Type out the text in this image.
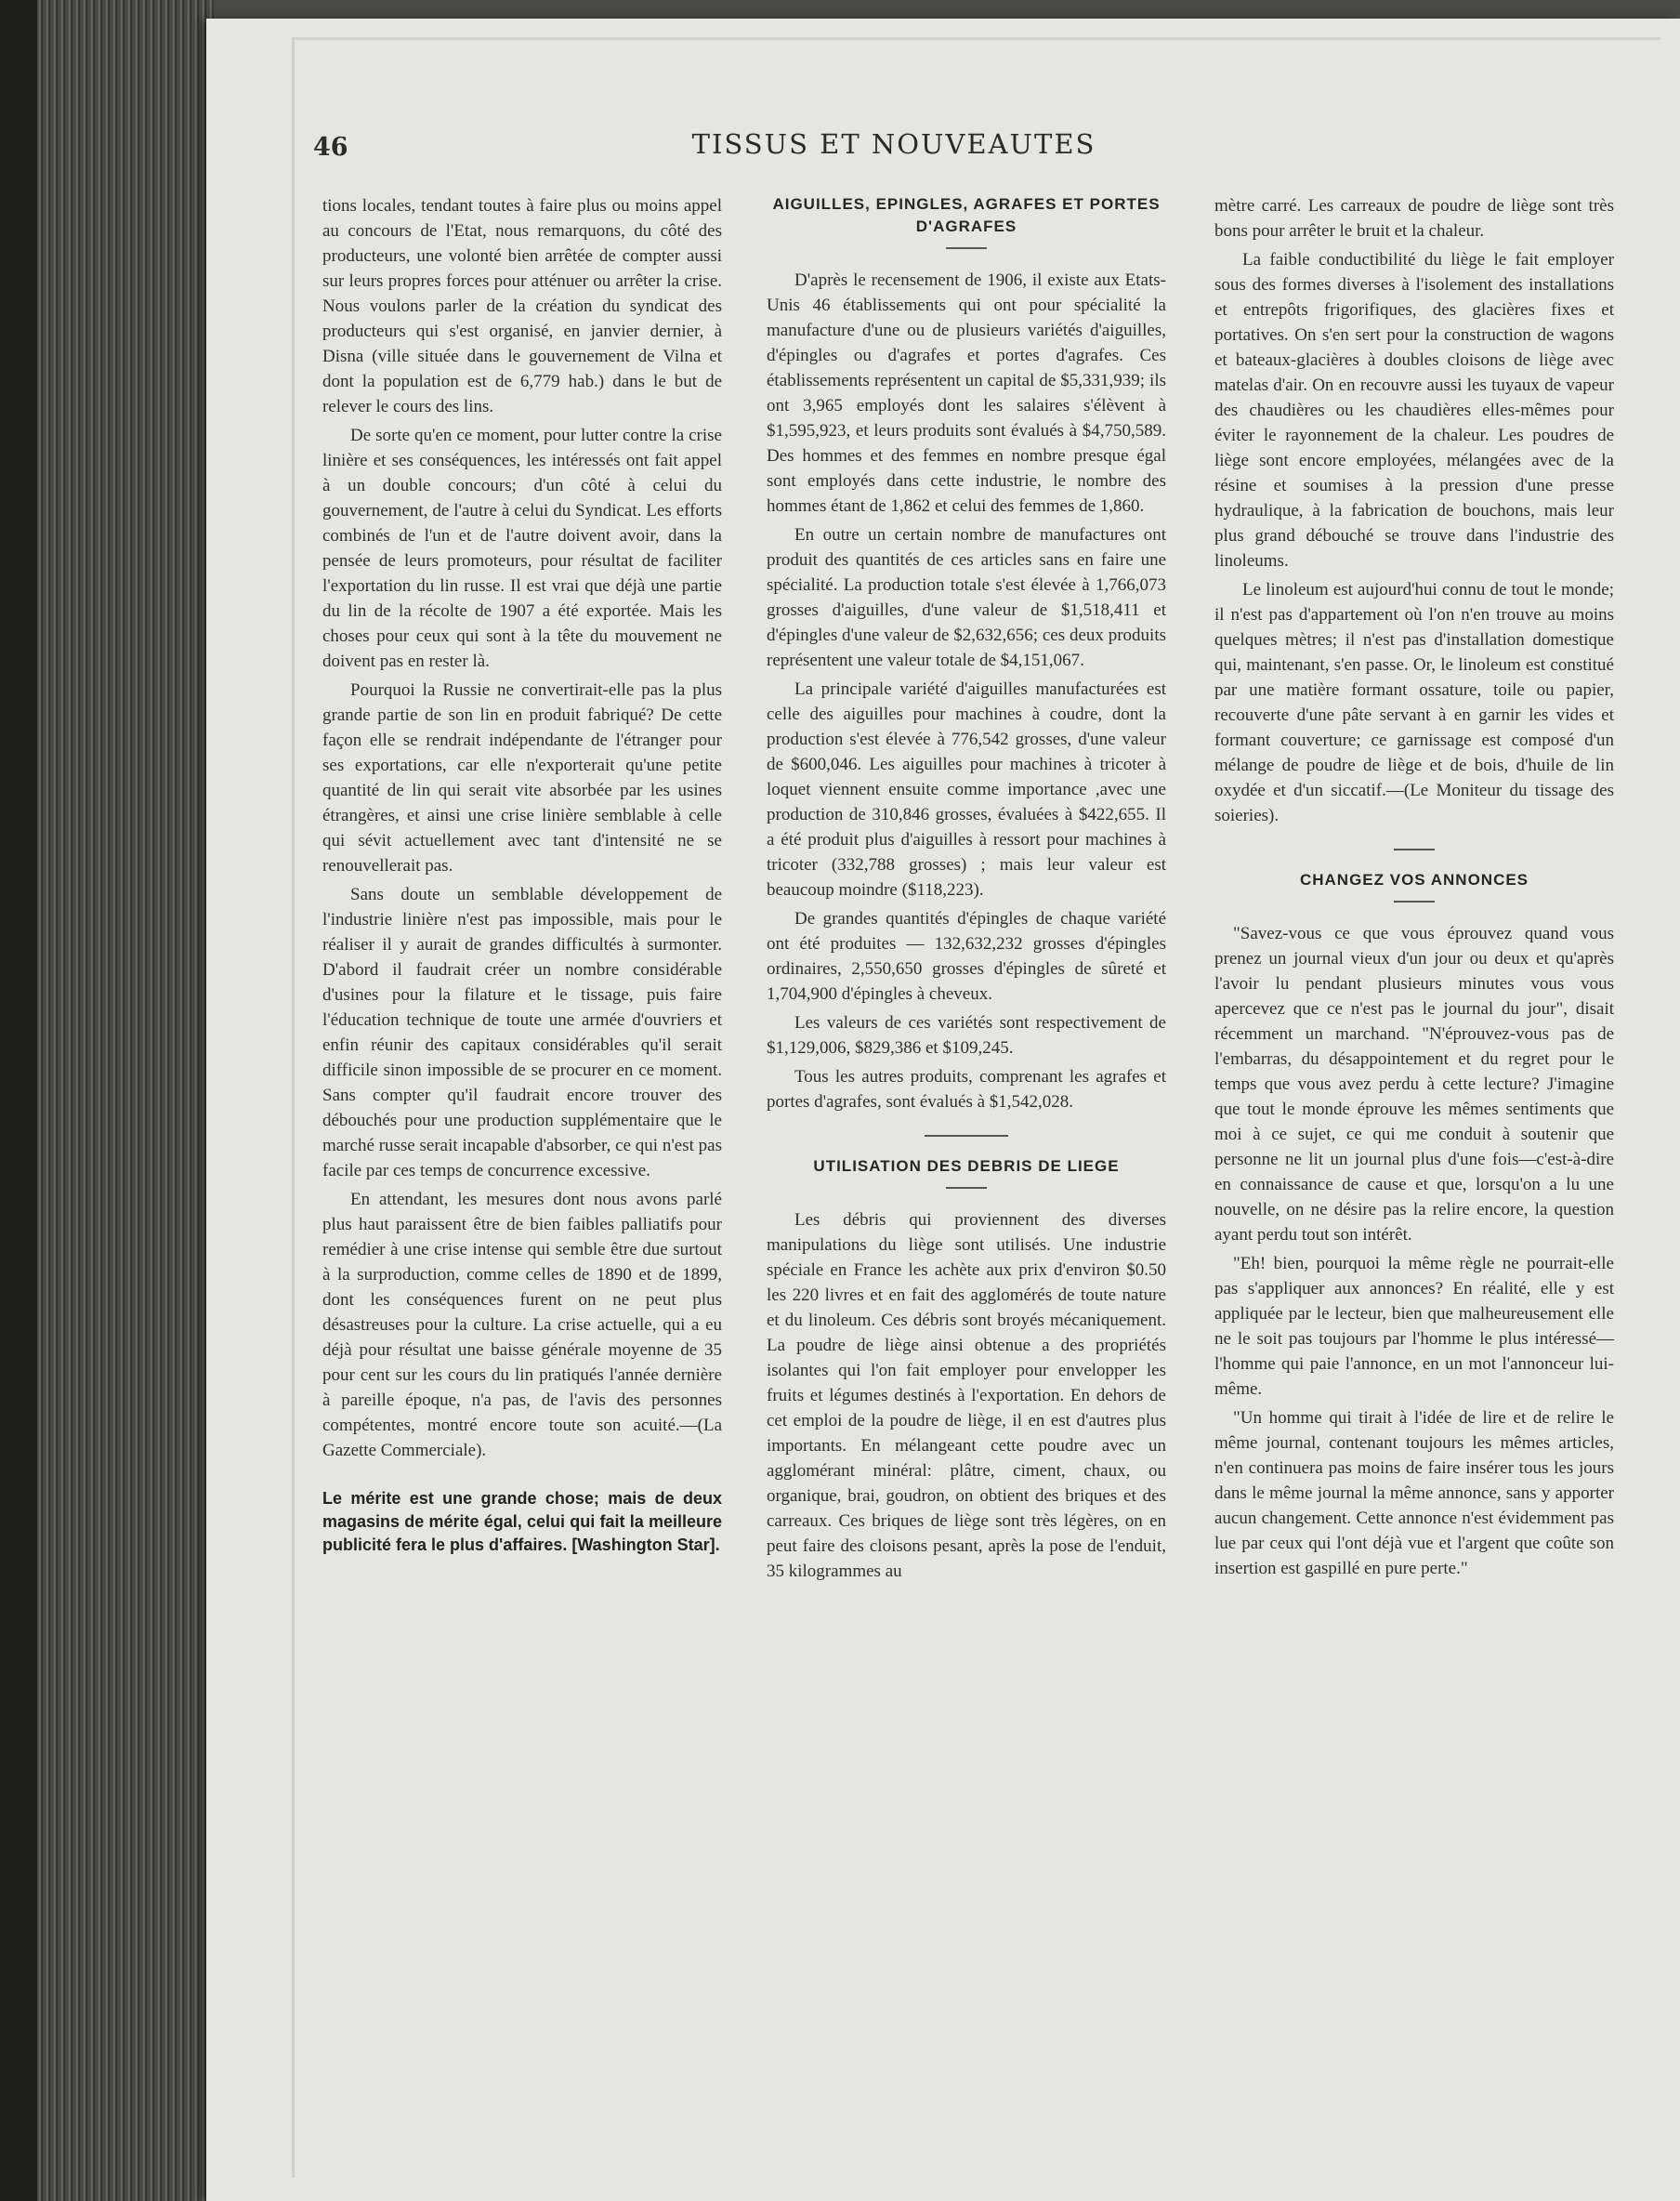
46	TISSUS ET NOUVEAUTES

tions locales, tendant toutes à faire plus ou moins appel au concours de l'Etat, nous remarquons, du côté des producteurs, une volonté bien arrêtée de compter aussi sur leurs propres forces pour atténuer ou arrêter la crise. Nous voulons parler de la création du syndicat des producteurs qui s'est organisé, en janvier dernier, à Disna (ville située dans le gouvernement de Vilna et dont la population est de 6,779 hab.) dans le but de relever le cours des lins.

De sorte qu'en ce moment, pour lutter contre la crise linière et ses conséquences, les intéressés ont fait appel à un double concours; d'un côté à celui du gouvernement, de l'autre à celui du Syndicat. Les efforts combinés de l'un et de l'autre doivent avoir, dans la pensée de leurs promoteurs, pour résultat de faciliter l'exportation du lin russe. Il est vrai que déjà une partie du lin de la récolte de 1907 a été exportée. Mais les choses pour ceux qui sont à la tête du mouvement ne doivent pas en rester là.

Pourquoi la Russie ne convertirait-elle pas la plus grande partie de son lin en produit fabriqué? De cette façon elle se rendrait indépendante de l'étranger pour ses exportations, car elle n'exporterait qu'une petite quantité de lin qui serait vite absorbée par les usines étrangères, et ainsi une crise linière semblable à celle qui sévit actuellement avec tant d'intensité ne se renouvellerait pas.

Sans doute un semblable développement de l'industrie linière n'est pas impossible, mais pour le réaliser il y aurait de grandes difficultés à surmonter. D'abord il faudrait créer un nombre considérable d'usines pour la filature et le tissage, puis faire l'éducation technique de toute une armée d'ouvriers et enfin réunir des capitaux considérables qu'il serait difficile sinon impossible de se procurer en ce moment. Sans compter qu'il faudrait encore trouver des débouchés pour une production supplémentaire que le marché russe serait incapable d'absorber, ce qui n'est pas facile par ces temps de concurrence excessive.

En attendant, les mesures dont nous avons parlé plus haut paraissent être de bien faibles palliatifs pour remédier à une crise intense qui semble être due surtout à la surproduction, comme celles de 1890 et de 1899, dont les conséquences furent on ne peut plus désastreuses pour la culture. La crise actuelle, qui a eu déjà pour résultat une baisse générale moyenne de 35 pour cent sur les cours du lin pratiqués l'année dernière à pareille époque, n'a pas, de l'avis des personnes compétentes, montré encore toute son acuité.—(La Gazette Commerciale).

Le mérite est une grande chose; mais de deux magasins de mérite égal, celui qui fait la meilleure publicité fera le plus d'affaires. [Washington Star].
AIGUILLES, EPINGLES, AGRAFES ET PORTES D'AGRAFES

D'après le recensement de 1906, il existe aux Etats-Unis 46 établissements qui ont pour spécialité la manufacture d'une ou de plusieurs variétés d'aiguilles, d'épingles ou d'agrafes et portes d'agrafes. Ces établissements représentent un capital de $5,331,939; ils ont 3,965 employés dont les salaires s'élèvent à $1,595,923, et leurs produits sont évalués à $4,750,589. Des hommes et des femmes en nombre presque égal sont employés dans cette industrie, le nombre des hommes étant de 1,862 et celui des femmes de 1,860.

En outre un certain nombre de manufactures ont produit des quantités de ces articles sans en faire une spécialité. La production totale s'est élevée à 1,766,073 grosses d'aiguilles, d'une valeur de $1,518,411 et d'épingles d'une valeur de $2,632,656; ces deux produits représentent une valeur totale de $4,151,067.

La principale variété d'aiguilles manufacturées est celle des aiguilles pour machines à coudre, dont la production s'est élevée à 776,542 grosses, d'une valeur de $600,046. Les aiguilles pour machines à tricoter à loquet viennent ensuite comme importance ,avec une production de 310,846 grosses, évaluées à $422,655. Il a été produit plus d'aiguilles à ressort pour machines à tricoter (332,788 grosses) ; mais leur valeur est beaucoup moindre ($118,223).

De grandes quantités d'épingles de chaque variété ont été produites — 132,632,232 grosses d'épingles ordinaires, 2,550,650 grosses d'épingles de sûreté et 1,704,900 d'épingles à cheveux.

Les valeurs de ces variétés sont respectivement de $1,129,006, $829,386 et $109,245.

Tous les autres produits, comprenant les agrafes et portes d'agrafes, sont évalués à $1,542,028.

UTILISATION DES DEBRIS DE LIEGE

Les débris qui proviennent des diverses manipulations du liège sont utilisés. Une industrie spéciale en France les achète aux prix d'environ $0.50 les 220 livres et en fait des agglomérés de toute nature et du linoleum. Ces débris sont broyés mécaniquement. La poudre de liège ainsi obtenue a des propriétés isolantes qui l'on fait employer pour envelopper les fruits et légumes destinés à l'exportation. En dehors de cet emploi de la poudre de liège, il en est d'autres plus importants. En mélangeant cette poudre avec un agglomérant minéral: plâtre, ciment, chaux, ou organique, brai, goudron, on obtient des briques et des carreaux. Ces briques de liège sont très légères, on en peut faire des cloisons pesant, après la pose de l'enduit, 35 kilogrammes au

mètre carré. Les carreaux de poudre de liège sont très bons pour arrêter le bruit et la chaleur.

La faible conductibilité du liège le fait employer sous des formes diverses à l'isolement des installations et entrepôts frigorifiques, des glacières fixes et portatives. On s'en sert pour la construction de wagons et bateaux-glacières à doubles cloisons de liège avec matelas d'air. On en recouvre aussi les tuyaux de vapeur des chaudières ou les chaudières elles-mêmes pour éviter le rayonnement de la chaleur. Les poudres de liège sont encore employées, mélangées avec de la résine et soumises à la pression d'une presse hydraulique, à la fabrication de bouchons, mais leur plus grand débouché se trouve dans l'industrie des linoleums.

Le linoleum est aujourd'hui connu de tout le monde; il n'est pas d'appartement où l'on n'en trouve au moins quelques mètres; il n'est pas d'installation domestique qui, maintenant, s'en passe. Or, le linoleum est constitué par une matière formant ossature, toile ou papier, recouverte d'une pâte servant à en garnir les vides et formant couverture; ce garnissage est composé d'un mélange de poudre de liège et de bois, d'huile de lin oxydée et d'un siccatif.—(Le Moniteur du tissage des soieries).

CHANGEZ VOS ANNONCES

"Savez-vous ce que vous éprouvez quand vous prenez un journal vieux d'un jour ou deux et qu'après l'avoir lu pendant plusieurs minutes vous vous apercevez que ce n'est pas le journal du jour", disait récemment un marchand. "N'éprouvez-vous pas de l'embarras, du désappointement et du regret pour le temps que vous avez perdu à cette lecture? J'imagine que tout le monde éprouve les mêmes sentiments que moi à ce sujet, ce qui me conduit à soutenir que personne ne lit un journal plus d'une fois—c'est-à-dire en connaissance de cause et que, lorsqu'on a lu une nouvelle, on ne désire pas la relire encore, la question ayant perdu tout son intérêt.

"Eh! bien, pourquoi la même règle ne pourrait-elle pas s'appliquer aux annonces? En réalité, elle y est appliquée par le lecteur, bien que malheureusement elle ne le soit pas toujours par l'homme le plus intéressé—l'homme qui paie l'annonce, en un mot l'annonceur lui-même.

"Un homme qui tirait à l'idée de lire et de relire le même journal, contenant toujours les mêmes articles, n'en continuera pas moins de faire insérer tous les jours dans le même journal la même annonce, sans y apporter aucun changement. Cette annonce n'est évidemment pas lue par ceux qui l'ont déjà vue et l'argent que coûte son insertion est gaspillé en pure perte."
